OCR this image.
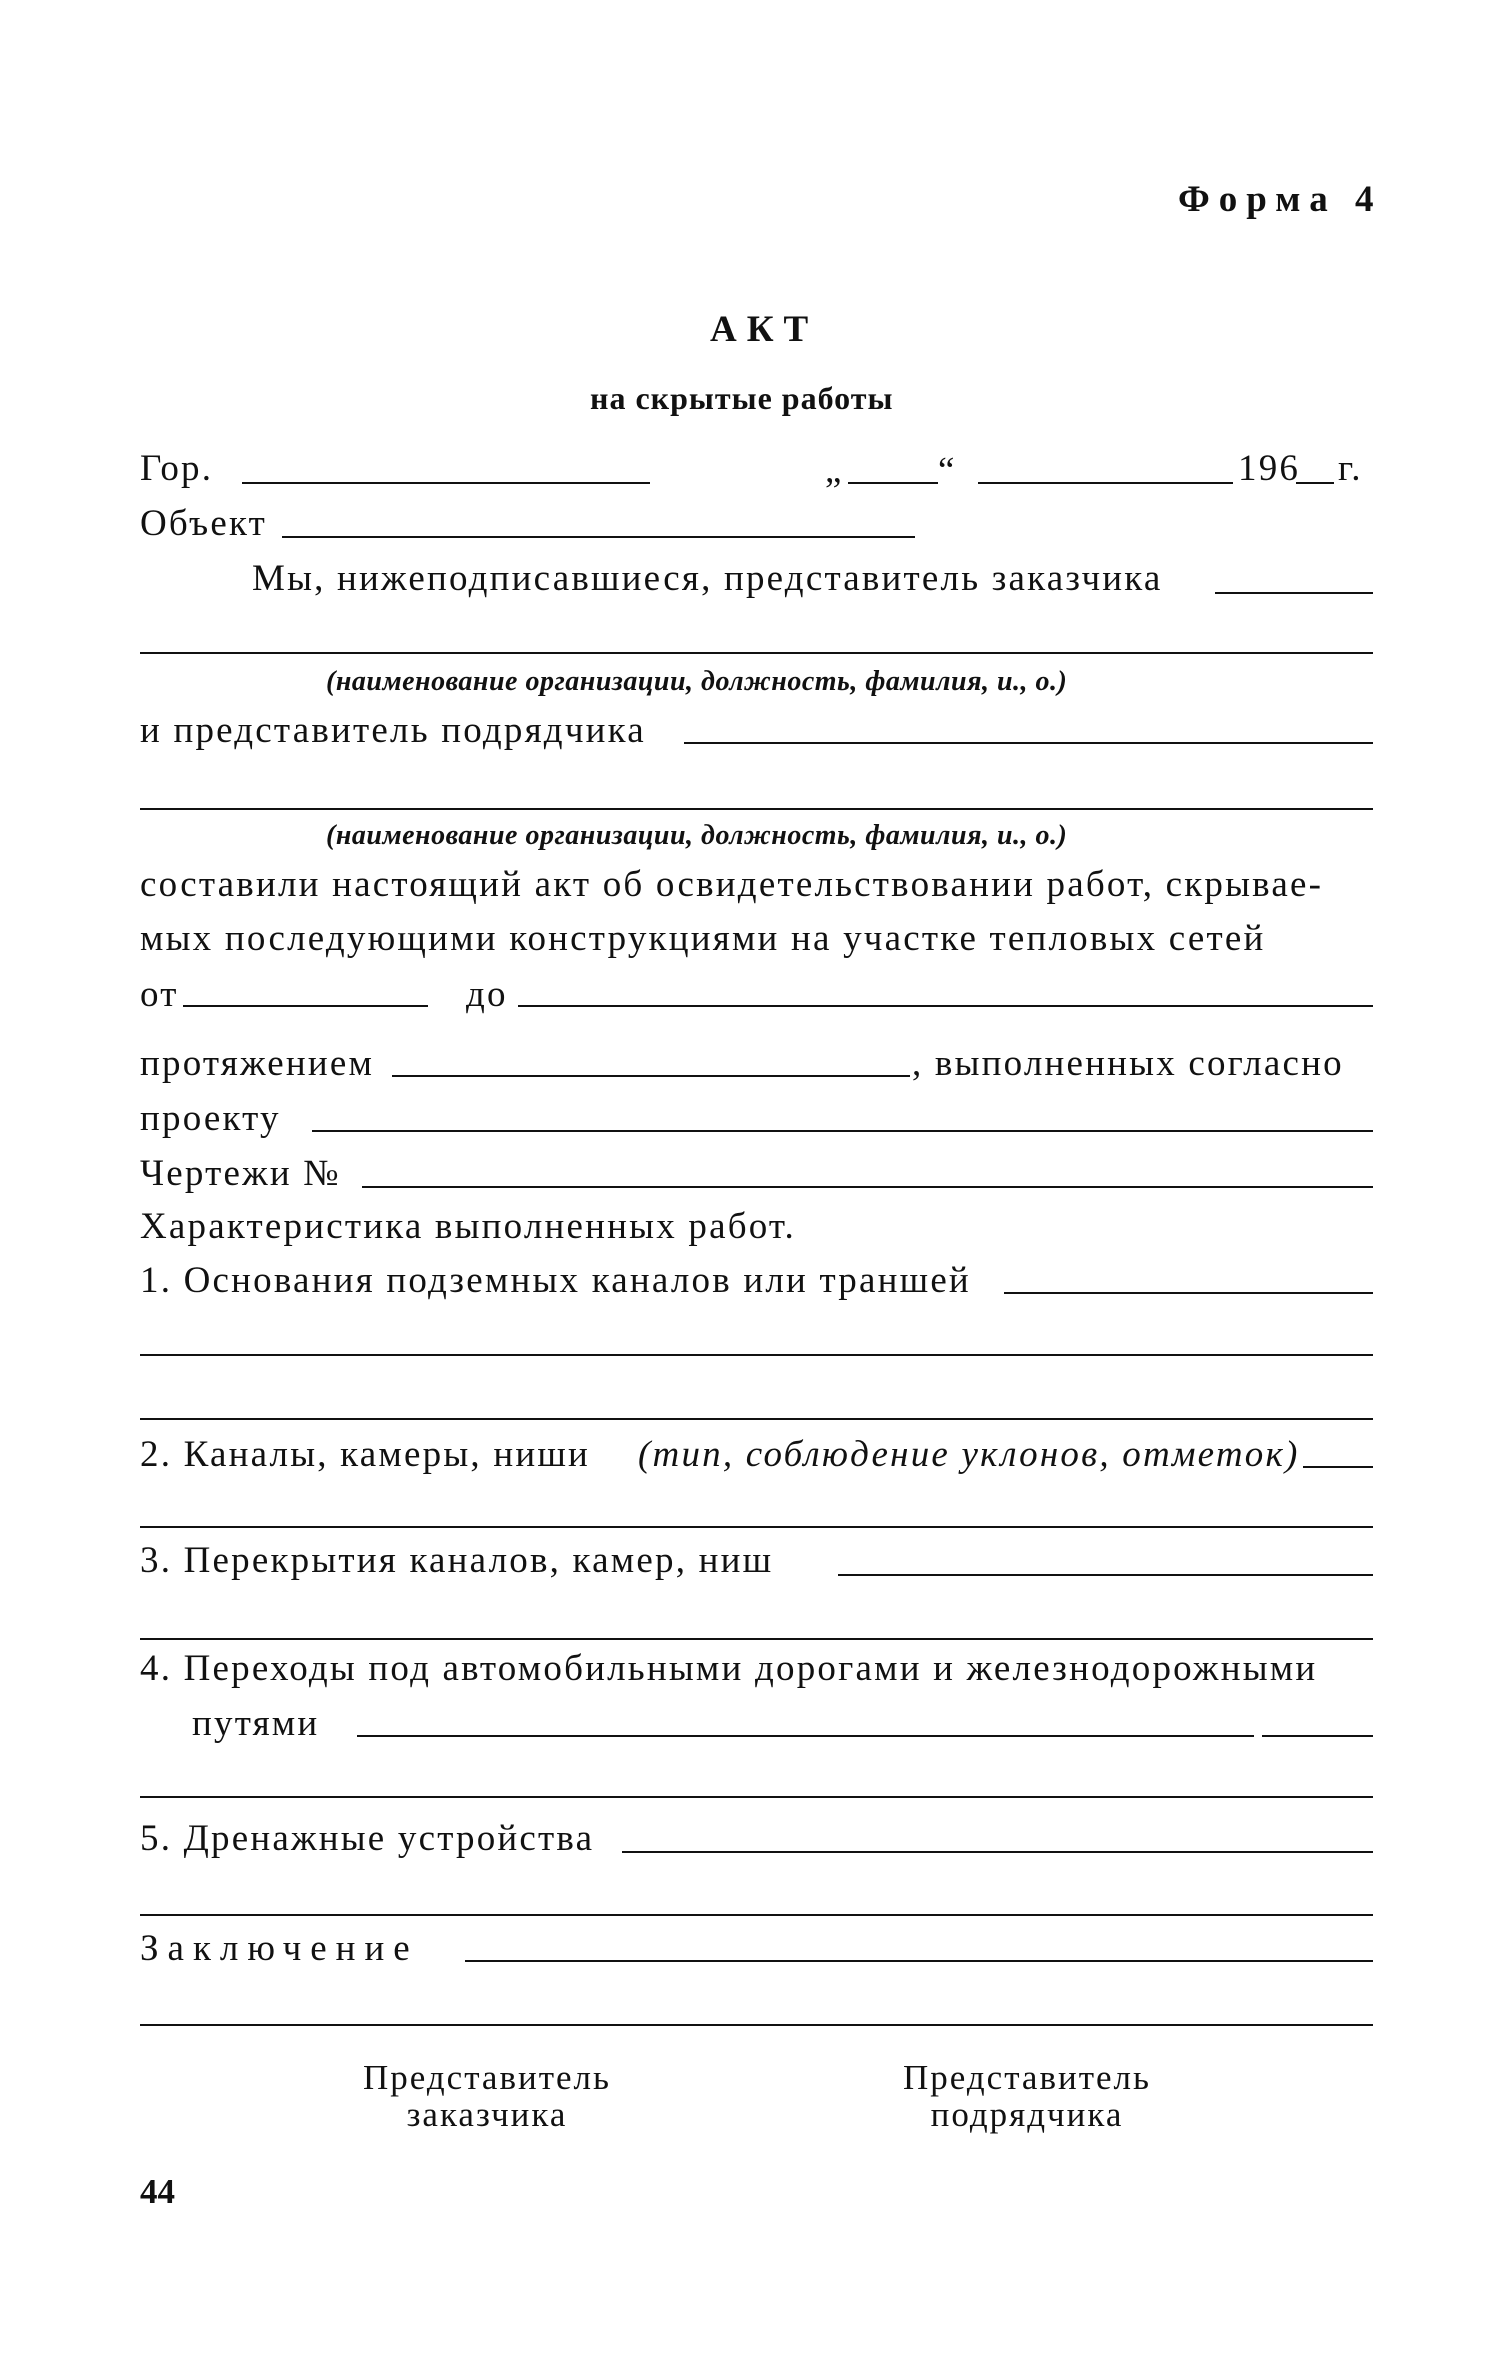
Форма 4
АКТ
на скрытые работы
Гор.	„	“	196 г.
Объект
Мы, нижеподписавшиеся, представитель заказчика
(наименование организации, должность, фамилия, и., о.)
и представитель подрядчика
(наименование организации, должность, фамилия, и., о.)
составили настоящий акт об освидетельствовании работ, скрывае-
мых последующими конструкциями на участке тепловых сетей
от	до
протяжением	, выполненных согласно
проекту
Чертежи №
Характеристика выполненных работ.
1. Основания подземных каналов или траншей
2. Каналы, камеры, ниши (тип, соблюдение уклонов, отметок)
3. Перекрытия каналов, камер, ниш
4. Переходы под автомобильными дорогами и железнодорожными
путями
5. Дренажные устройства
Заключение
Представитель
заказчика
Представитель
подрядчика
44
